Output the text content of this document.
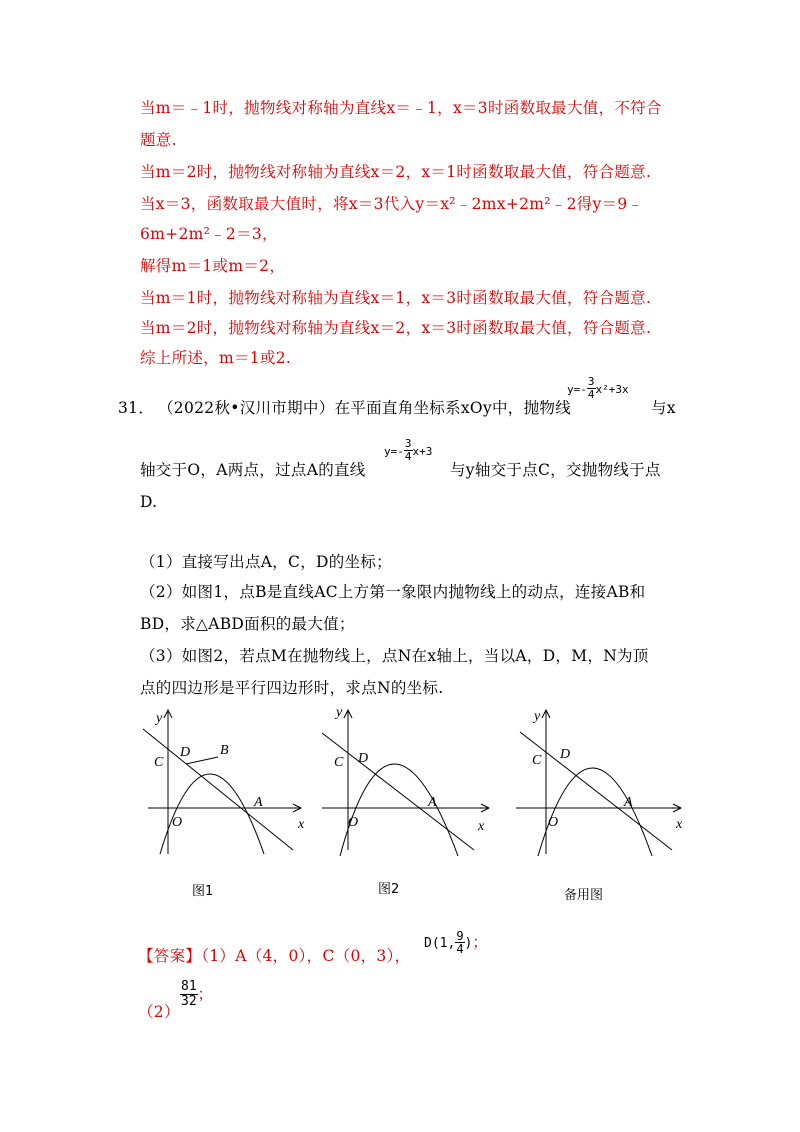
当m＝﹣1时，抛物线对称轴为直线x＝﹣1，x＝3时函数取最大值，不符合
题意.
当m＝2时，抛物线对称轴为直线x＝2，x＝1时函数取最大值，符合题意.
当x＝3，函数取最大值时，将x＝3代入y＝x²﹣2mx+2m²﹣2得y＝9﹣
6m+2m²﹣2＝3，
解得m＝1或m＝2，
当m＝1时，抛物线对称轴为直线x＝1，x＝3时函数取最大值，符合题意.
当m＝2时，抛物线对称轴为直线x＝2，x＝3时函数取最大值，符合题意.
综上所述，m＝1或2.
31． （2022秋•汉川市期中）在平面直角坐标系xOy中，抛物线
$y=- \frac{3}{4} x^2+3x$
与x
轴交于O，A两点，过点A的直线
$y=- \frac{3}{4} x+3$
与y轴交于点C，交抛物线于点
D.
（1）直接写出点A，C，D的坐标；
（2）如图1，点B是直线AC上方第一象限内抛物线上的动点，连接AB和
BD，求△ABD面积的最大值；
（3）如图2，若点M在抛物线上，点N在x轴上，当以A，D，M，N为顶
点的四边形是平行四边形时，求点N的坐标.
y
x
O
A
C
D B
图1
y
x
O
A
C D
图2
y
x
O
A
C D
备用图
【答案】（1）A（4，0），C（0，3），
D(1, $\frac{9}{4}$ )；
（2）
$\frac{81}{32}$ ；
